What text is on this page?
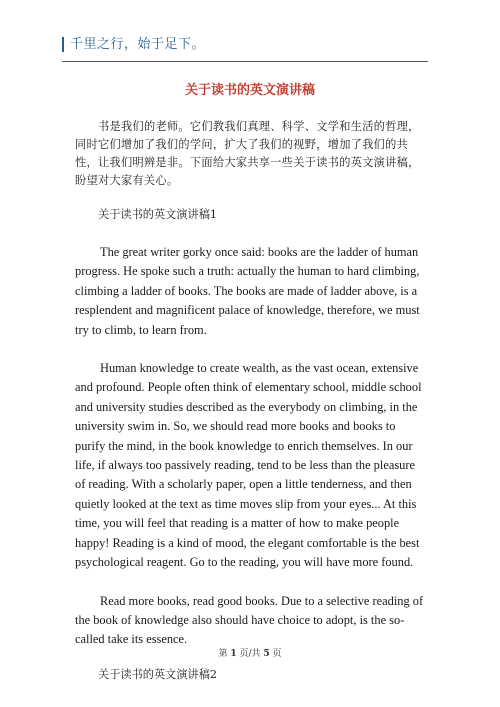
千里之行，始于足下。
关于读书的英文演讲稿

书是我们的老师。它们教我们真理、科学、文学和生活的哲理，同时它们增加了我们的学问，扩大了我们的视野，增加了我们的共性，让我们明辨是非。下面给大家共享一些关于读书的英文演讲稿，盼望对大家有关心。

关于读书的英文演讲稿1

The great writer gorky once said: books are the ladder of human progress. He spoke such a truth: actually the human to hard climbing, climbing a ladder of books. The books are made of ladder above, is a resplendent and magnificent palace of knowledge, therefore, we must try to climb, to learn from.

Human knowledge to create wealth, as the vast ocean, extensive and profound. People often think of elementary school, middle school and university studies described as the everybody on climbing, in the university swim in. So, we should read more books and books to purify the mind, in the book knowledge to enrich themselves. In our life, if always too passively reading, tend to be less than the pleasure of reading. With a scholarly paper, open a little tenderness, and then quietly looked at the text as time moves slip from your eyes... At this time, you will feel that reading is a matter of how to make people happy! Reading is a kind of mood, the elegant comfortable is the best psychological reagent. Go to the reading, you will have more found.

Read more books, read good books. Due to a selective reading of the book of knowledge also should have choice to adopt, is the so-called take its essence.

关于读书的英文演讲稿2

第 1 页/共 5 页
